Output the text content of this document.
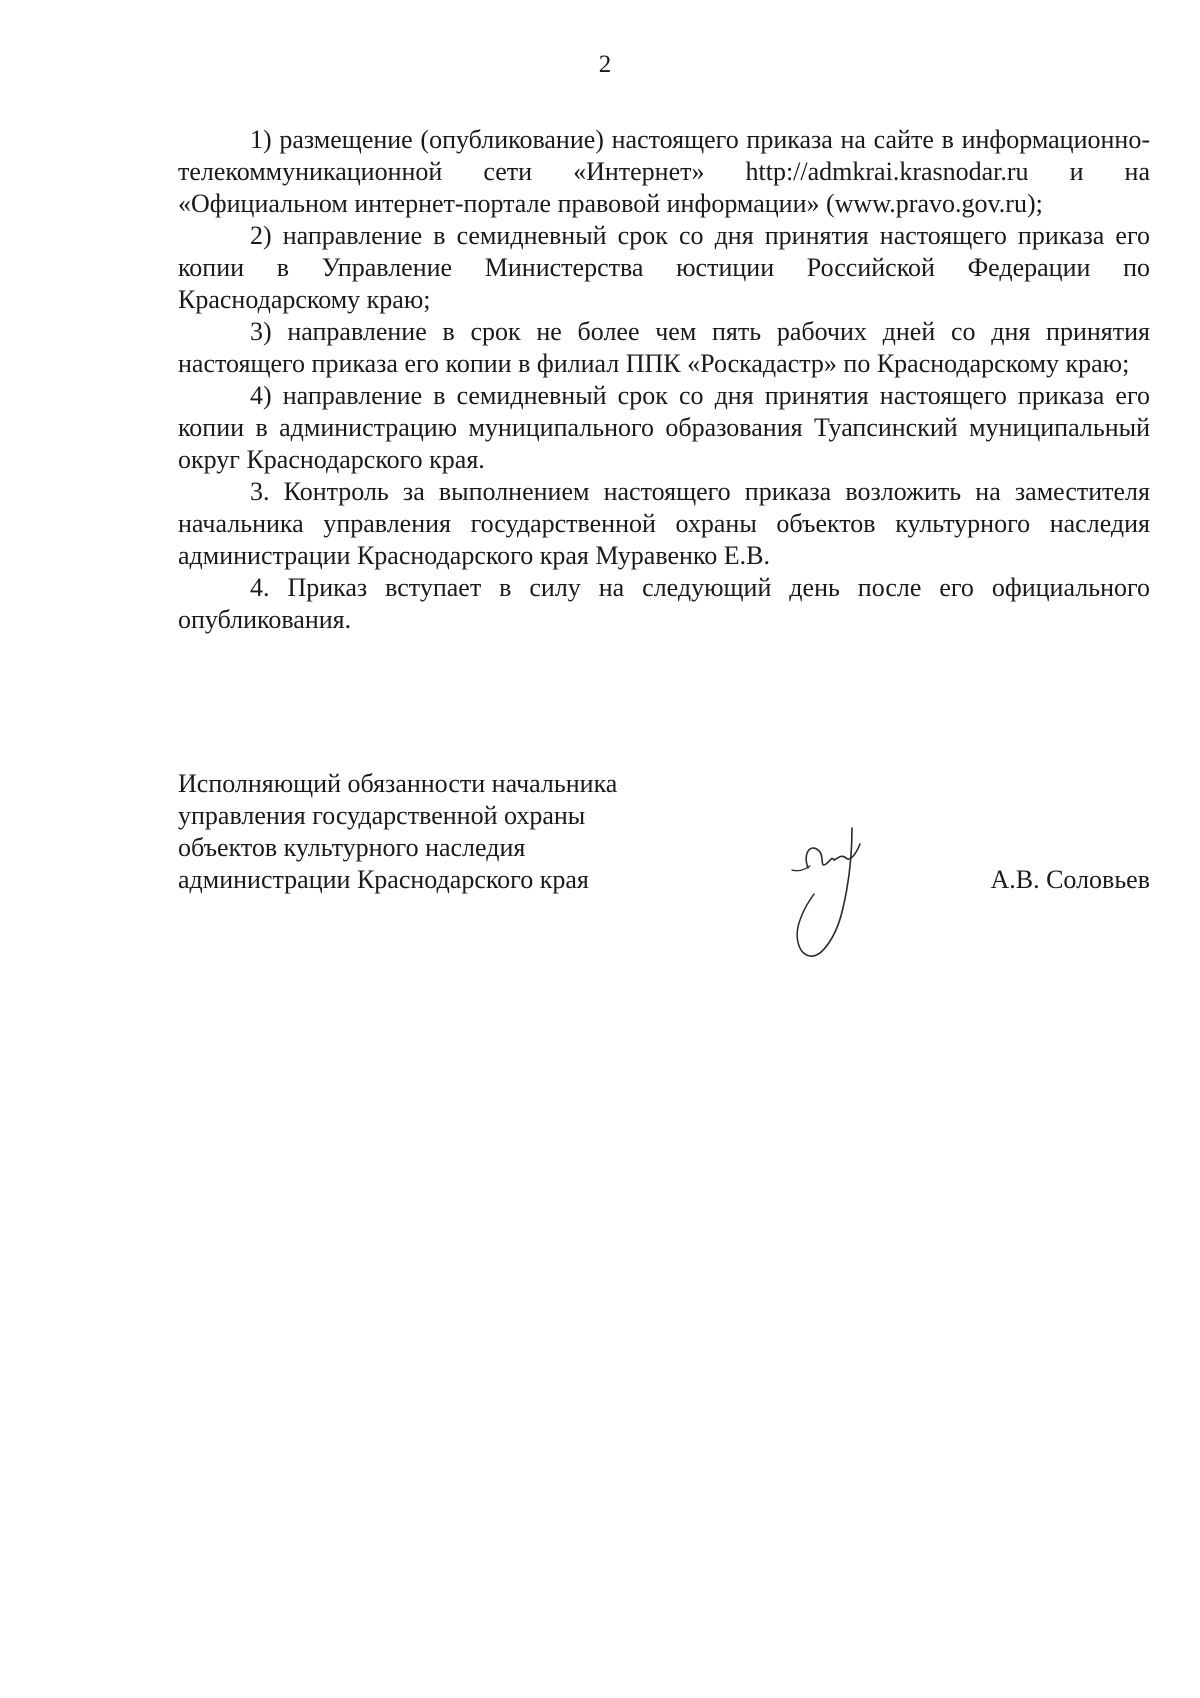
2

1) размещение (опубликование) настоящего приказа на сайте в информационно-телекоммуникационной сети «Интернет» http://admkrai.krasnodar.ru и на «Официальном интернет-портале правовой информации» (www.pravo.gov.ru);

2) направление в семидневный срок со дня принятия настоящего приказа его копии в Управление Министерства юстиции Российской Федерации по Краснодарскому краю;

3) направление в срок не более чем пять рабочих дней со дня принятия настоящего приказа его копии в филиал ППК «Роскадастр» по Краснодарскому краю;

4) направление в семидневный срок со дня принятия настоящего приказа его копии в администрацию муниципального образования Туапсинский муниципальный округ Краснодарского края.

3. Контроль за выполнением настоящего приказа возложить на заместителя начальника управления государственной охраны объектов культурного наследия администрации Краснодарского края Муравенко Е.В.

4. Приказ вступает в силу на следующий день после его официального опубликования.

Исполняющий обязанности начальника
управления государственной охраны
объектов культурного наследия
администрации Краснодарского края	А.В. Соловьев
